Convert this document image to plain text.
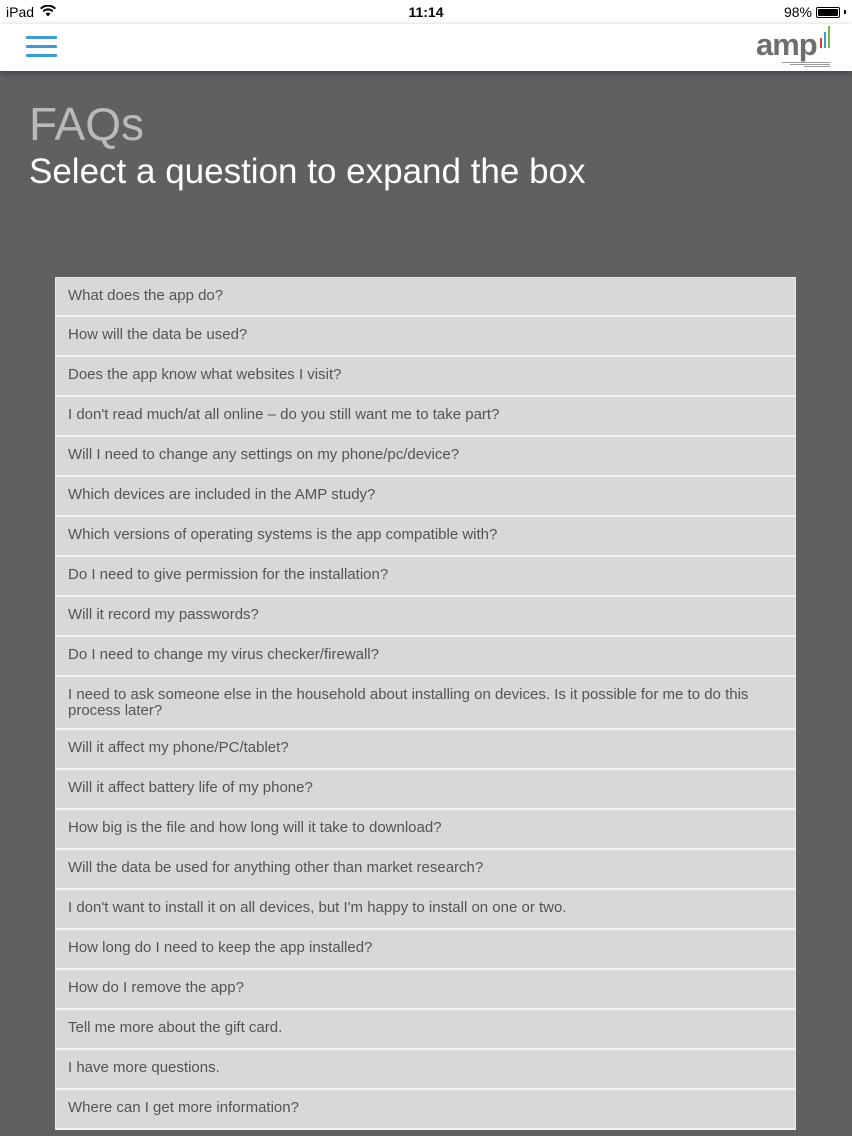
iPad	11:14	98%
amp
FAQs
Select a question to expand the box
What does the app do?
How will the data be used?
Does the app know what websites I visit?
I don't read much/at all online – do you still want me to take part?
Will I need to change any settings on my phone/pc/device?
Which devices are included in the AMP study?
Which versions of operating systems is the app compatible with?
Do I need to give permission for the installation?
Will it record my passwords?
Do I need to change my virus checker/firewall?
I need to ask someone else in the household about installing on devices. Is it possible for me to do this process later?
Will it affect my phone/PC/tablet?
Will it affect battery life of my phone?
How big is the file and how long will it take to download?
Will the data be used for anything other than market research?
I don't want to install it on all devices, but I'm happy to install on one or two.
How long do I need to keep the app installed?
How do I remove the app?
Tell me more about the gift card.
I have more questions.
Where can I get more information?
